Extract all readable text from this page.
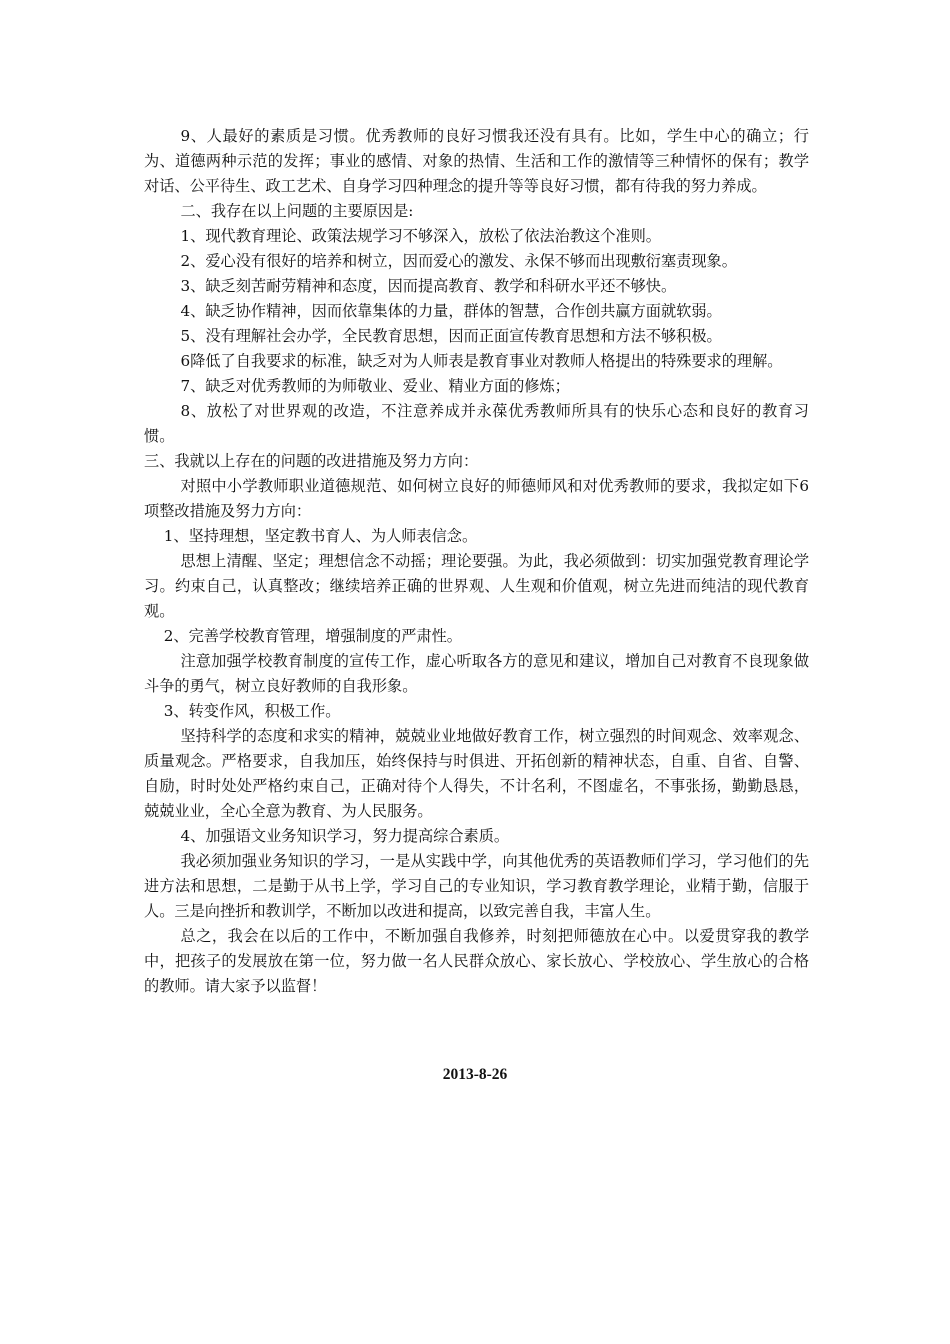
9、人最好的素质是习惯。优秀教师的良好习惯我还没有具有。比如，学生中心的确立；行为、道德两种示范的发挥；事业的感情、对象的热情、生活和工作的激情等三种情怀的保有；教学对话、公平待生、政工艺术、自身学习四种理念的提升等等良好习惯，都有待我的努力养成。

二、我存在以上问题的主要原因是:

1、现代教育理论、政策法规学习不够深入，放松了依法治教这个准则。

2、爱心没有很好的培养和树立，因而爱心的激发、永保不够而出现敷衍塞责现象。

3、缺乏刻苦耐劳精神和态度，因而提高教育、教学和科研水平还不够快。

4、缺乏协作精神，因而依靠集体的力量，群体的智慧，合作创共赢方面就软弱。

5、没有理解社会办学，全民教育思想，因而正面宣传教育思想和方法不够积极。

6降低了自我要求的标准，缺乏对为人师表是教育事业对教师人格提出的特殊要求的理解。

7、缺乏对优秀教师的为师敬业、爱业、精业方面的修炼；

8、放松了对世界观的改造，不注意养成并永葆优秀教师所具有的快乐心态和良好的教育习惯。

三、我就以上存在的问题的改进措施及努力方向：

对照中小学教师职业道德规范、如何树立良好的师德师风和对优秀教师的要求，我拟定如下6项整改措施及努力方向：

1、坚持理想，坚定教书育人、为人师表信念。

思想上清醒、坚定；理想信念不动摇；理论要强。为此，我必须做到：切实加强党教育理论学习。约束自己，认真整改；继续培养正确的世界观、人生观和价值观，树立先进而纯洁的现代教育观。

2、完善学校教育管理，增强制度的严肃性。

注意加强学校教育制度的宣传工作，虚心听取各方的意见和建议，增加自己对教育不良现象做斗争的勇气，树立良好教师的自我形象。

3、转变作风，积极工作。

坚持科学的态度和求实的精神，兢兢业业地做好教育工作，树立强烈的时间观念、效率观念、质量观念。严格要求，自我加压，始终保持与时俱进、开拓创新的精神状态，自重、自省、自警、自励，时时处处严格约束自己，正确对待个人得失，不计名利，不图虚名，不事张扬，勤勤恳恳，兢兢业业，全心全意为教育、为人民服务。

4、加强语文业务知识学习，努力提高综合素质。

我必须加强业务知识的学习，一是从实践中学，向其他优秀的英语教师们学习，学习他们的先进方法和思想，二是勤于从书上学，学习自己的专业知识，学习教育教学理论，业精于勤，信服于人。三是向挫折和教训学，不断加以改进和提高，以致完善自我，丰富人生。

总之，我会在以后的工作中，不断加强自我修养，时刻把师德放在心中。以爱贯穿我的教学中，把孩子的发展放在第一位，努力做一名人民群众放心、家长放心、学校放心、学生放心的合格的教师。请大家予以监督！

2013-8-26
